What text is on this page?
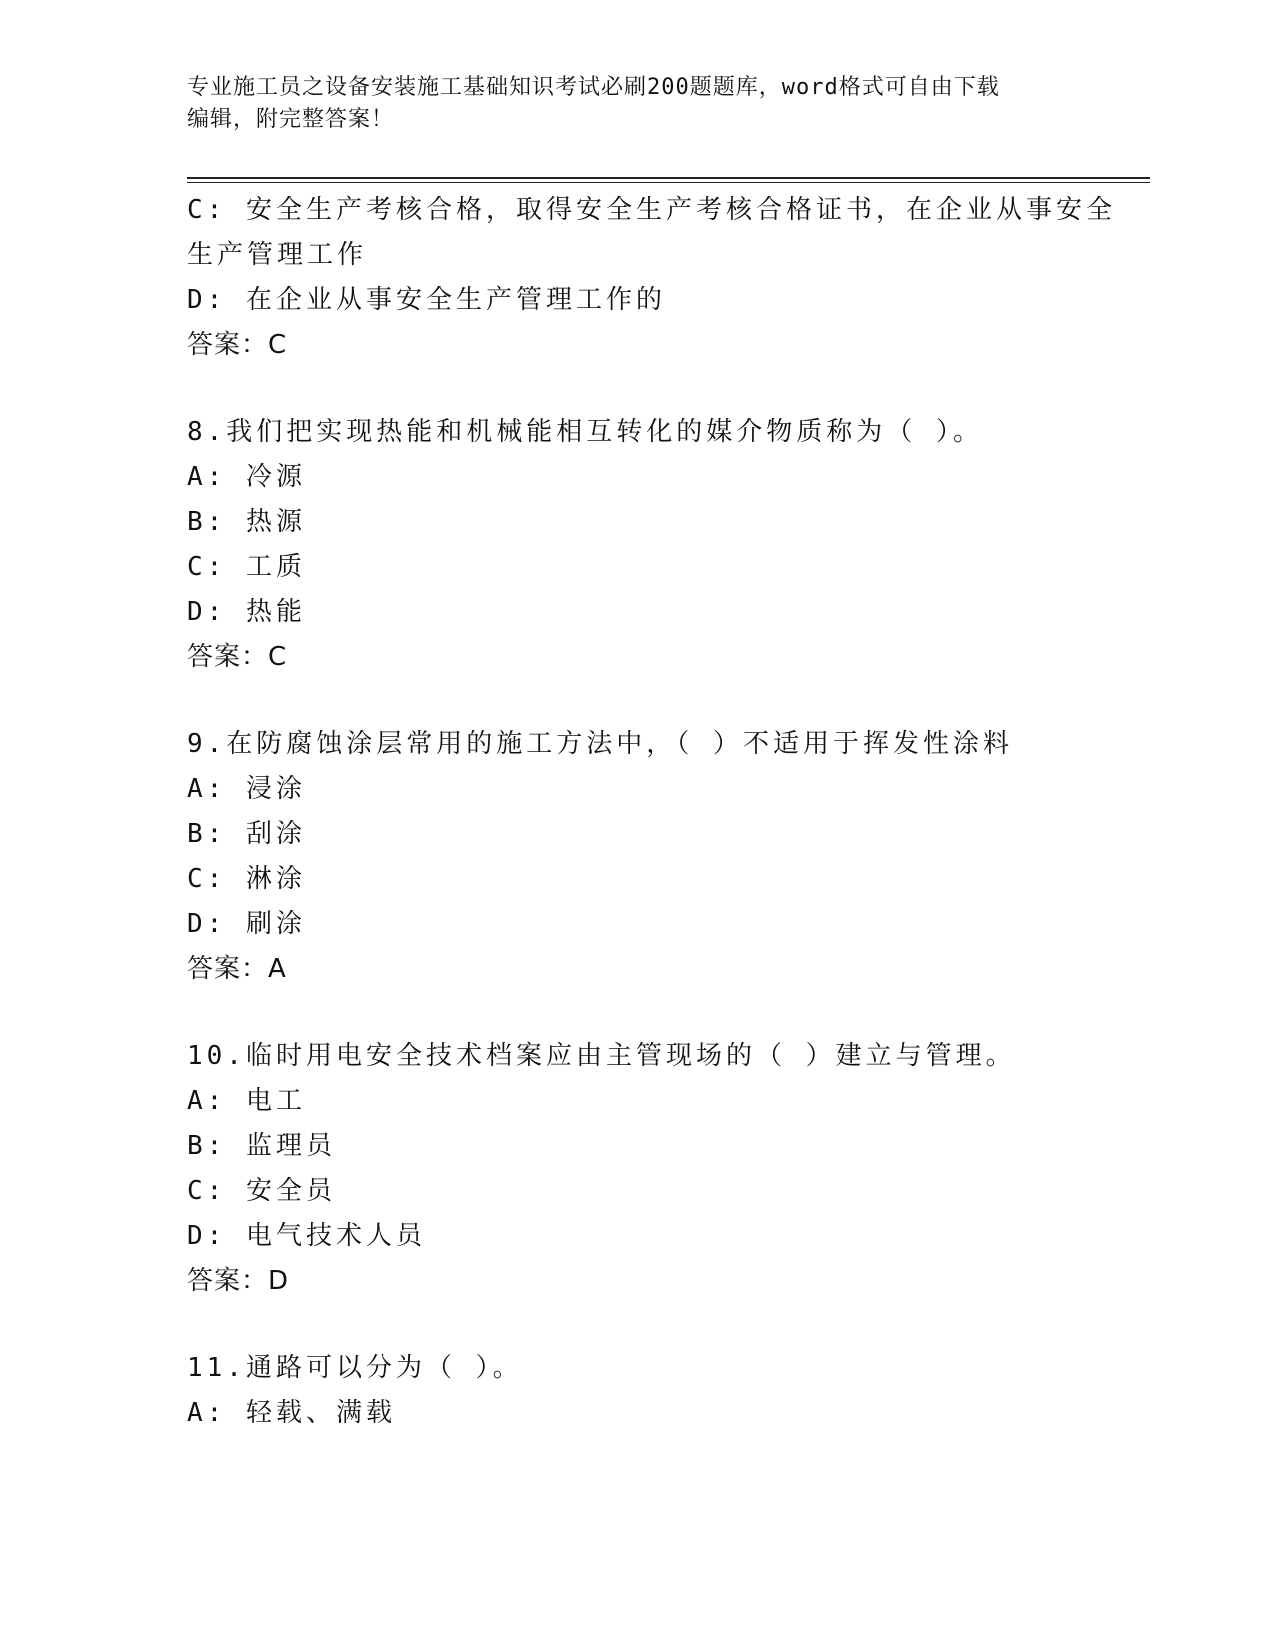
专业施工员之设备安装施工基础知识考试必刷200题题库，word格式可自由下载
编辑，附完整答案！
C: 安全生产考核合格，取得安全生产考核合格证书，在企业从事安全
生产管理工作
D: 在企业从事安全生产管理工作的
答案：C
8.我们把实现热能和机械能相互转化的媒介物质称为（ ）。
A: 冷源
B: 热源
C: 工质
D: 热能
答案：C
9.在防腐蚀涂层常用的施工方法中，（ ）不适用于挥发性涂料
A: 浸涂
B: 刮涂
C: 淋涂
D: 刷涂
答案：A
10.临时用电安全技术档案应由主管现场的（ ）建立与管理。
A: 电工
B: 监理员
C: 安全员
D: 电气技术人员
答案：D
11.通路可以分为（ ）。
A: 轻载、满载
